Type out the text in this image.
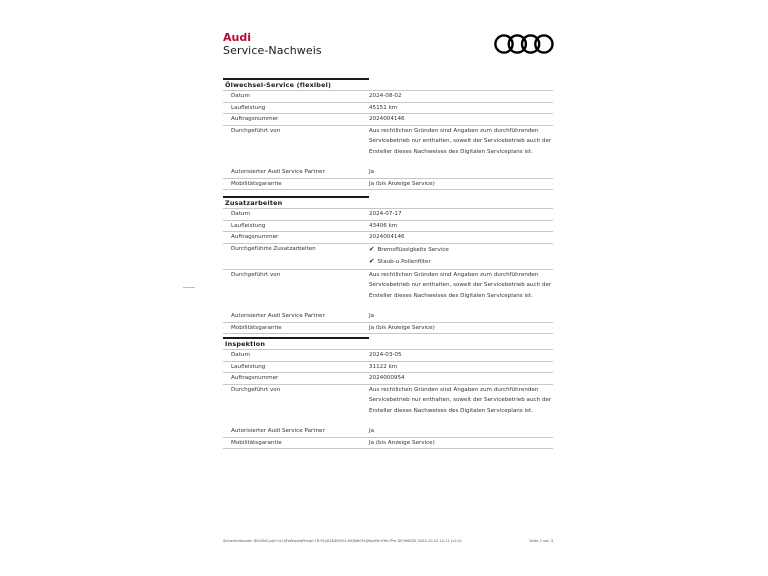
Audi
Service-Nachweis
Ölwechsel-Service (flexibel)
Datum	2024-08-02
Laufleistung	45151 km
Auftragsnummer	2024004146
Durchgeführt von	Aus rechtlichen Gründen sind Angaben zum durchführenden
Servicebetrieb nur enthalten, soweit der Servicebetrieb auch der
Ersteller dieses Nachweises des Digitalen Serviceplans ist.
Autorisierter Audi Service Partner	Ja
Mobilitätsgarantie	Ja (bis Anzeige Service)
Zusatzarbeiten
Datum	2024-07-17
Laufleistung	43406 km
Auftragsnummer	2024004146
Durchgeführte Zusatzarbeiten	✔ Bremsflüssigkeits Service
✔ Staub-u.Pollenfilter
Durchgeführt von	Aus rechtlichen Gründen sind Angaben zum durchführenden
Servicebetrieb nur enthalten, soweit der Servicebetrieb auch der
Ersteller dieses Nachweises des Digitalen Serviceplans ist.
Autorisierter Audi Service Partner	Ja
Mobilitätsgarantie	Ja (bis Anzeige Service)
Inspektion
Datum	2024-03-05
Laufleistung	31122 km
Auftragsnummer	2024000954
Durchgeführt von	Aus rechtlichen Gründen sind Angaben zum durchführenden
Servicebetrieb nur enthalten, soweit der Servicebetrieb auch der
Ersteller dieses Nachweises des Digitalen Serviceplans ist.
Autorisierter Audi Service Partner	Ja
Mobilitätsgarantie	Ja (bis Anzeige Service)
Sicherheitscode: BVv5NCyqH+d-UjFsWxpeqPhegG+R-YSyD2K4lRGCt-MQ6i80FsQNyeNmFHk7Pm DE266030 2025-10-22 12:11 (v2.0)	Seite 2 von 3
